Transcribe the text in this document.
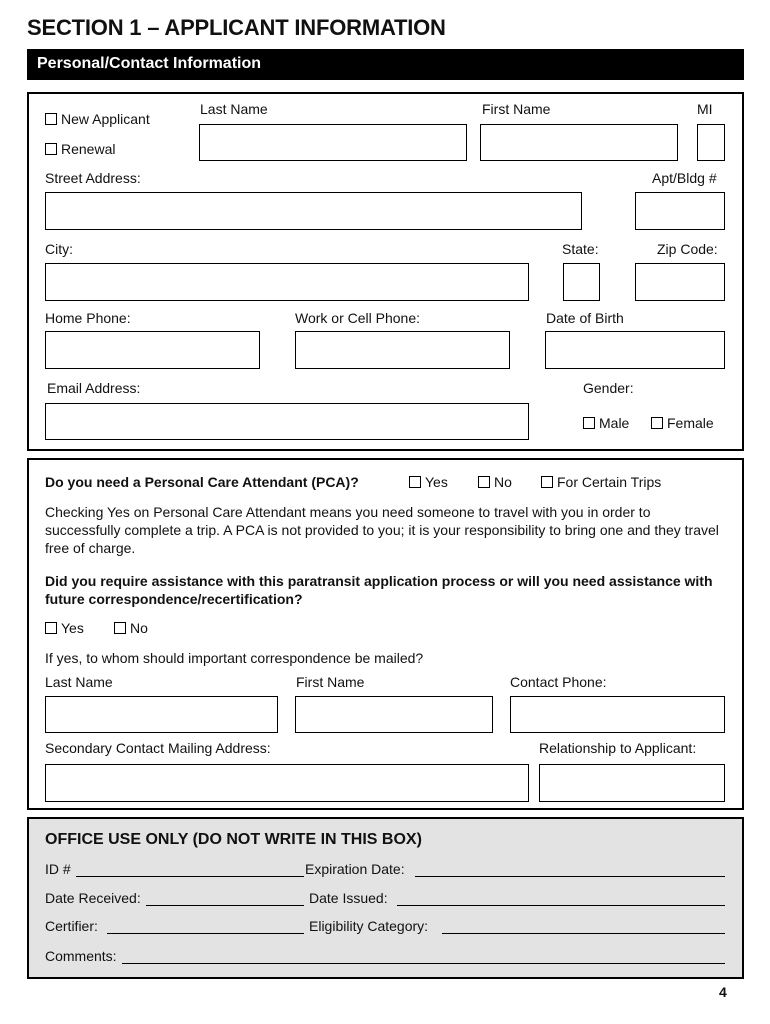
SECTION 1 – APPLICANT INFORMATION
Personal/Contact Information
New Applicant
Renewal
Last Name	First Name	MI
Street Address:	Apt/Bldg #
City:	State:	Zip Code:
Home Phone:	Work or Cell Phone:	Date of Birth
Email Address:	Gender:
Male	Female
Do you need a Personal Care Attendant (PCA)?	Yes	No	For Certain Trips
Checking Yes on Personal Care Attendant means you need someone to travel with you in order to successfully complete a trip. A PCA is not provided to you; it is your responsibility to bring one and they travel free of charge.
Did you require assistance with this paratransit application process or will you need assistance with future correspondence/recertification?
Yes	No
If yes, to whom should important correspondence be mailed?
Last Name	First Name	Contact Phone:
Secondary Contact Mailing Address:	Relationship to Applicant:
OFFICE USE ONLY (DO NOT WRITE IN THIS BOX)
ID #	Expiration Date:
Date Received:	Date Issued:
Certifier:	Eligibility Category:
Comments:
4
